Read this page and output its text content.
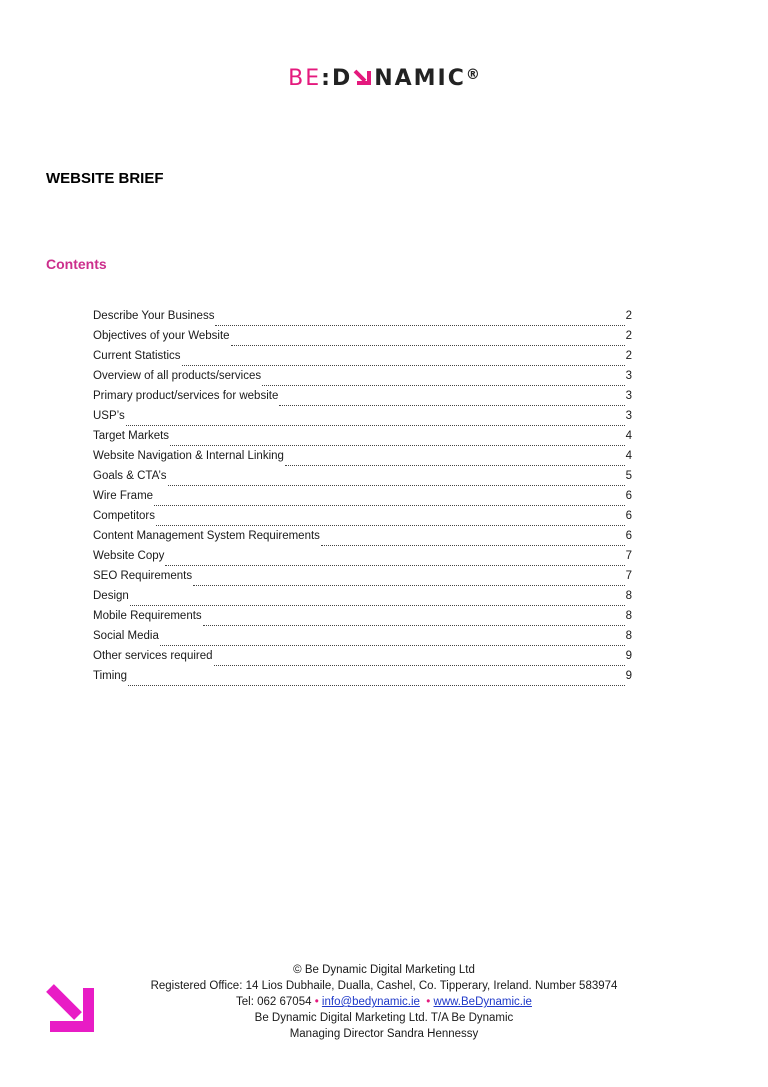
BE:D NAMIC®
WEBSITE BRIEF
Contents
Describe Your Business	2
Objectives of your Website	2
Current Statistics	2
Overview of all products/services	3
Primary product/services for website	3
USP’s	3
Target Markets	4
Website Navigation & Internal Linking	4
Goals & CTA’s	5
Wire Frame	6
Competitors	6
Content Management System Requirements	6
Website Copy	7
SEO Requirements	7
Design	8
Mobile Requirements	8
Social Media	8
Other services required	9
Timing	9
© Be Dynamic Digital Marketing Ltd
Registered Office: 14 Lios Dubhaile, Dualla, Cashel, Co. Tipperary, Ireland. Number 583974
Tel: 062 67054 • info@bedynamic.ie • www.BeDynamic.ie
Be Dynamic Digital Marketing Ltd. T/A Be Dynamic
Managing Director Sandra Hennessy
